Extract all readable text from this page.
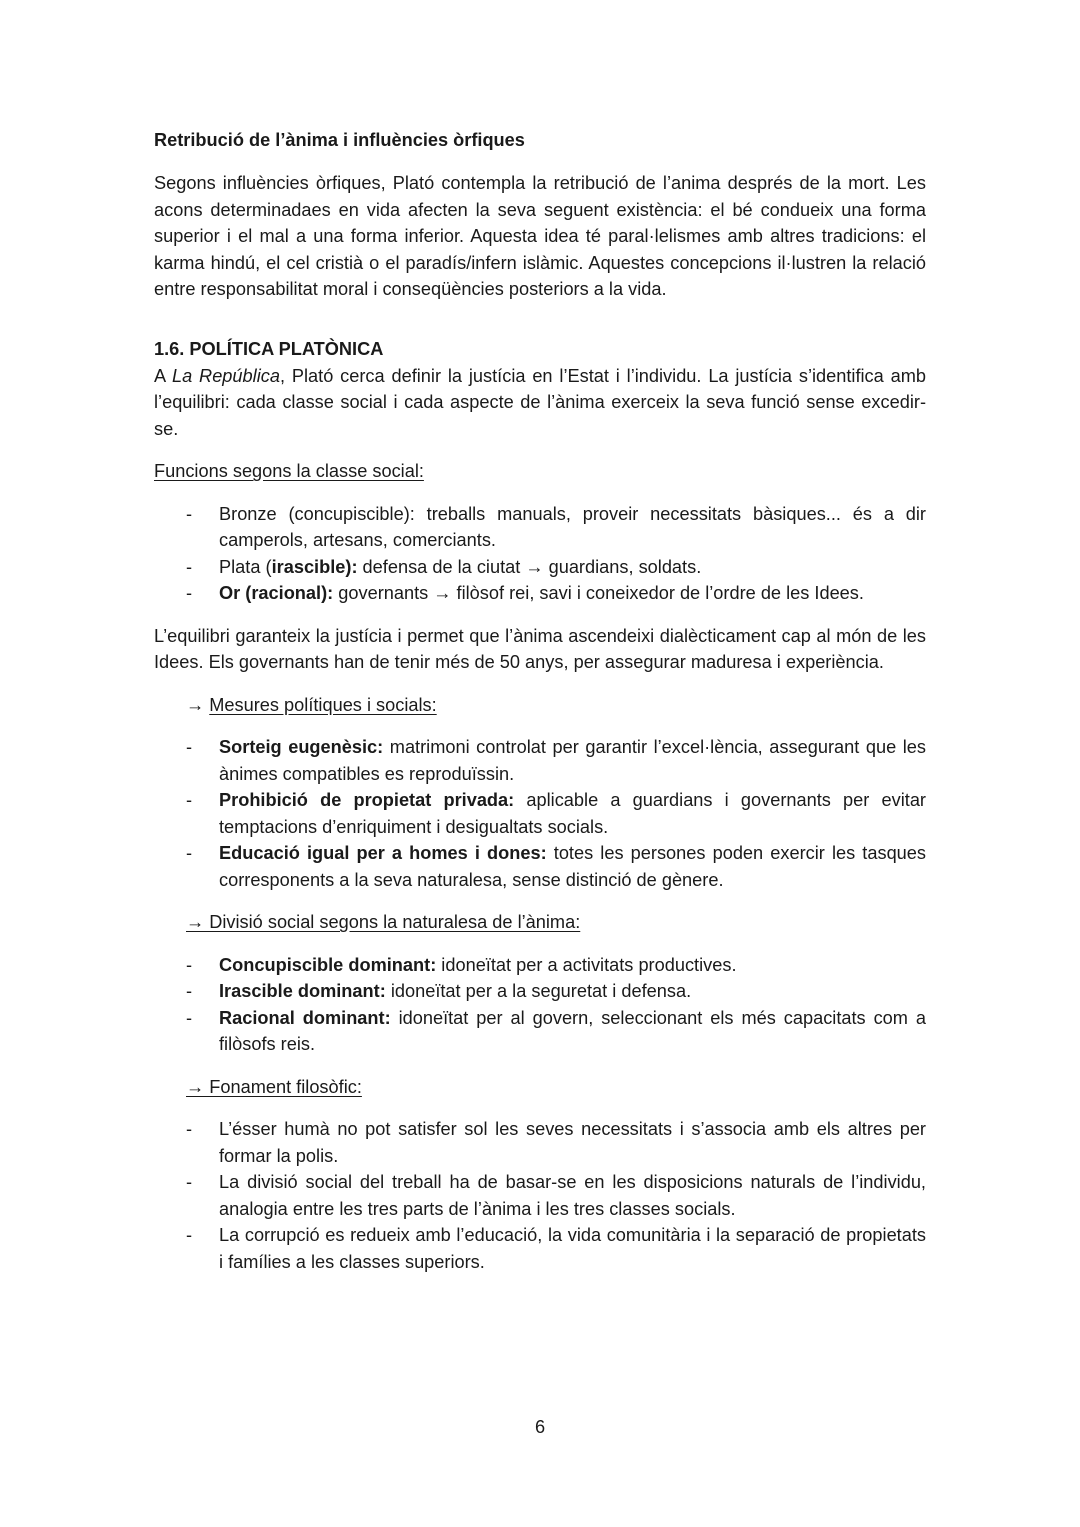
Retribució de l’ànima i influències òrfiques

Segons influències òrfiques, Plató contempla la retribució de l’anima després de la mort. Les acons determinadaes en vida afecten la seva seguent existència: el bé condueix una forma superior i el mal a una forma inferior. Aquesta idea té paral·lelismes amb altres tradicions: el karma hindú, el cel cristià o el paradís/infern islàmic. Aquestes concepcions il·lustren la relació entre responsabilitat moral i conseqüències posteriors a la vida.

1.6. POLÍTICA PLATÒNICA

A La República, Plató cerca definir la justícia en l’Estat i l’individu. La justícia s’identifica amb l’equilibri: cada classe social i cada aspecte de l’ànima exerceix la seva funció sense excedir-se.

Funcions segons la classe social:

- Bronze (concupiscible): treballs manuals, proveir necessitats bàsiques... és a dir camperols, artesans, comerciants.
- Plata (irascible): defensa de la ciutat → guardians, soldats.
- Or (racional): governants → filòsof rei, savi i coneixedor de l’ordre de les Idees.

L’equilibri garanteix la justícia i permet que l’ànima ascendeixi dialècticament cap al món de les Idees. Els governants han de tenir més de 50 anys, per assegurar maduresa i experiència.

→ Mesures polítiques i socials:

- Sorteig eugenèsic: matrimoni controlat per garantir l’excel·lència, assegurant que les ànimes compatibles es reproduïssin.
- Prohibició de propietat privada: aplicable a guardians i governants per evitar temptacions d’enriquiment i desigualtats socials.
- Educació igual per a homes i dones: totes les persones poden exercir les tasques corresponents a la seva naturalesa, sense distinció de gènere.

→ Divisió social segons la naturalesa de l’ànima:

- Concupiscible dominant: idoneïtat per a activitats productives.
- Irascible dominant: idoneïtat per a la seguretat i defensa.
- Racional dominant: idoneïtat per al govern, seleccionant els més capacitats com a filòsofs reis.

→ Fonament filosòfic:

- L’ésser humà no pot satisfer sol les seves necessitats i s’associa amb els altres per formar la polis.
- La divisió social del treball ha de basar-se en les disposicions naturals de l’individu, analogia entre les tres parts de l’ànima i les tres classes socials.
- La corrupció es redueix amb l’educació, la vida comunitària i la separació de propietats i famílies a les classes superiors.
6
